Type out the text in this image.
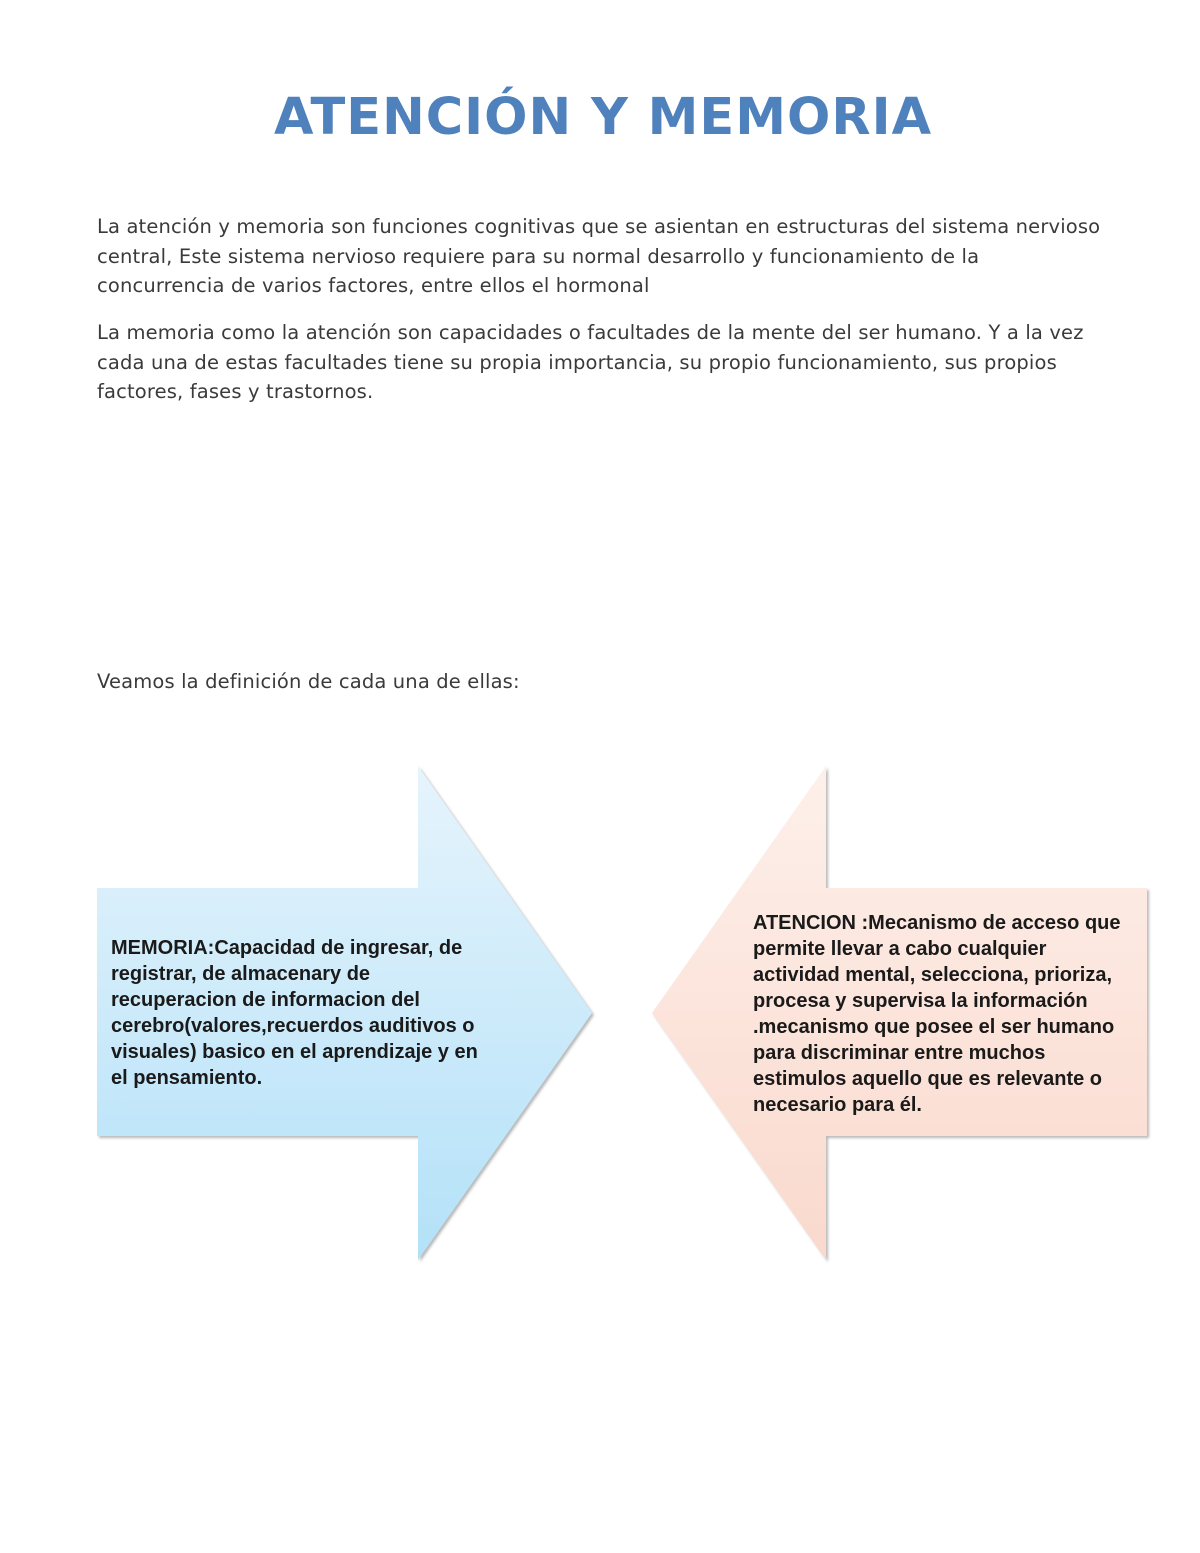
ATENCIÓN Y MEMORIA

La atención y memoria son funciones cognitivas que se asientan en estructuras del sistema nervioso central, Este sistema nervioso requiere para su normal desarrollo y funcionamiento de la concurrencia de varios factores, entre ellos el hormonal

La memoria como la atención son capacidades o facultades de la mente del ser humano. Y a la vez cada una de estas facultades tiene su propia importancia, su propio funcionamiento, sus propios factores, fases y trastornos.

Veamos la definición de cada una de ellas:

MEMORIA:Capacidad de ingresar, de registrar, de almacenary de recuperacion de informacion del cerebro(valores,recuerdos auditivos o visuales) basico en el aprendizaje y en el pensamiento.

ATENCION :Mecanismo de acceso que permite llevar a cabo cualquier actividad mental, selecciona, prioriza, procesa y supervisa la información .mecanismo que posee el ser humano para discriminar entre muchos estimulos aquello que es relevante o necesario para él.
